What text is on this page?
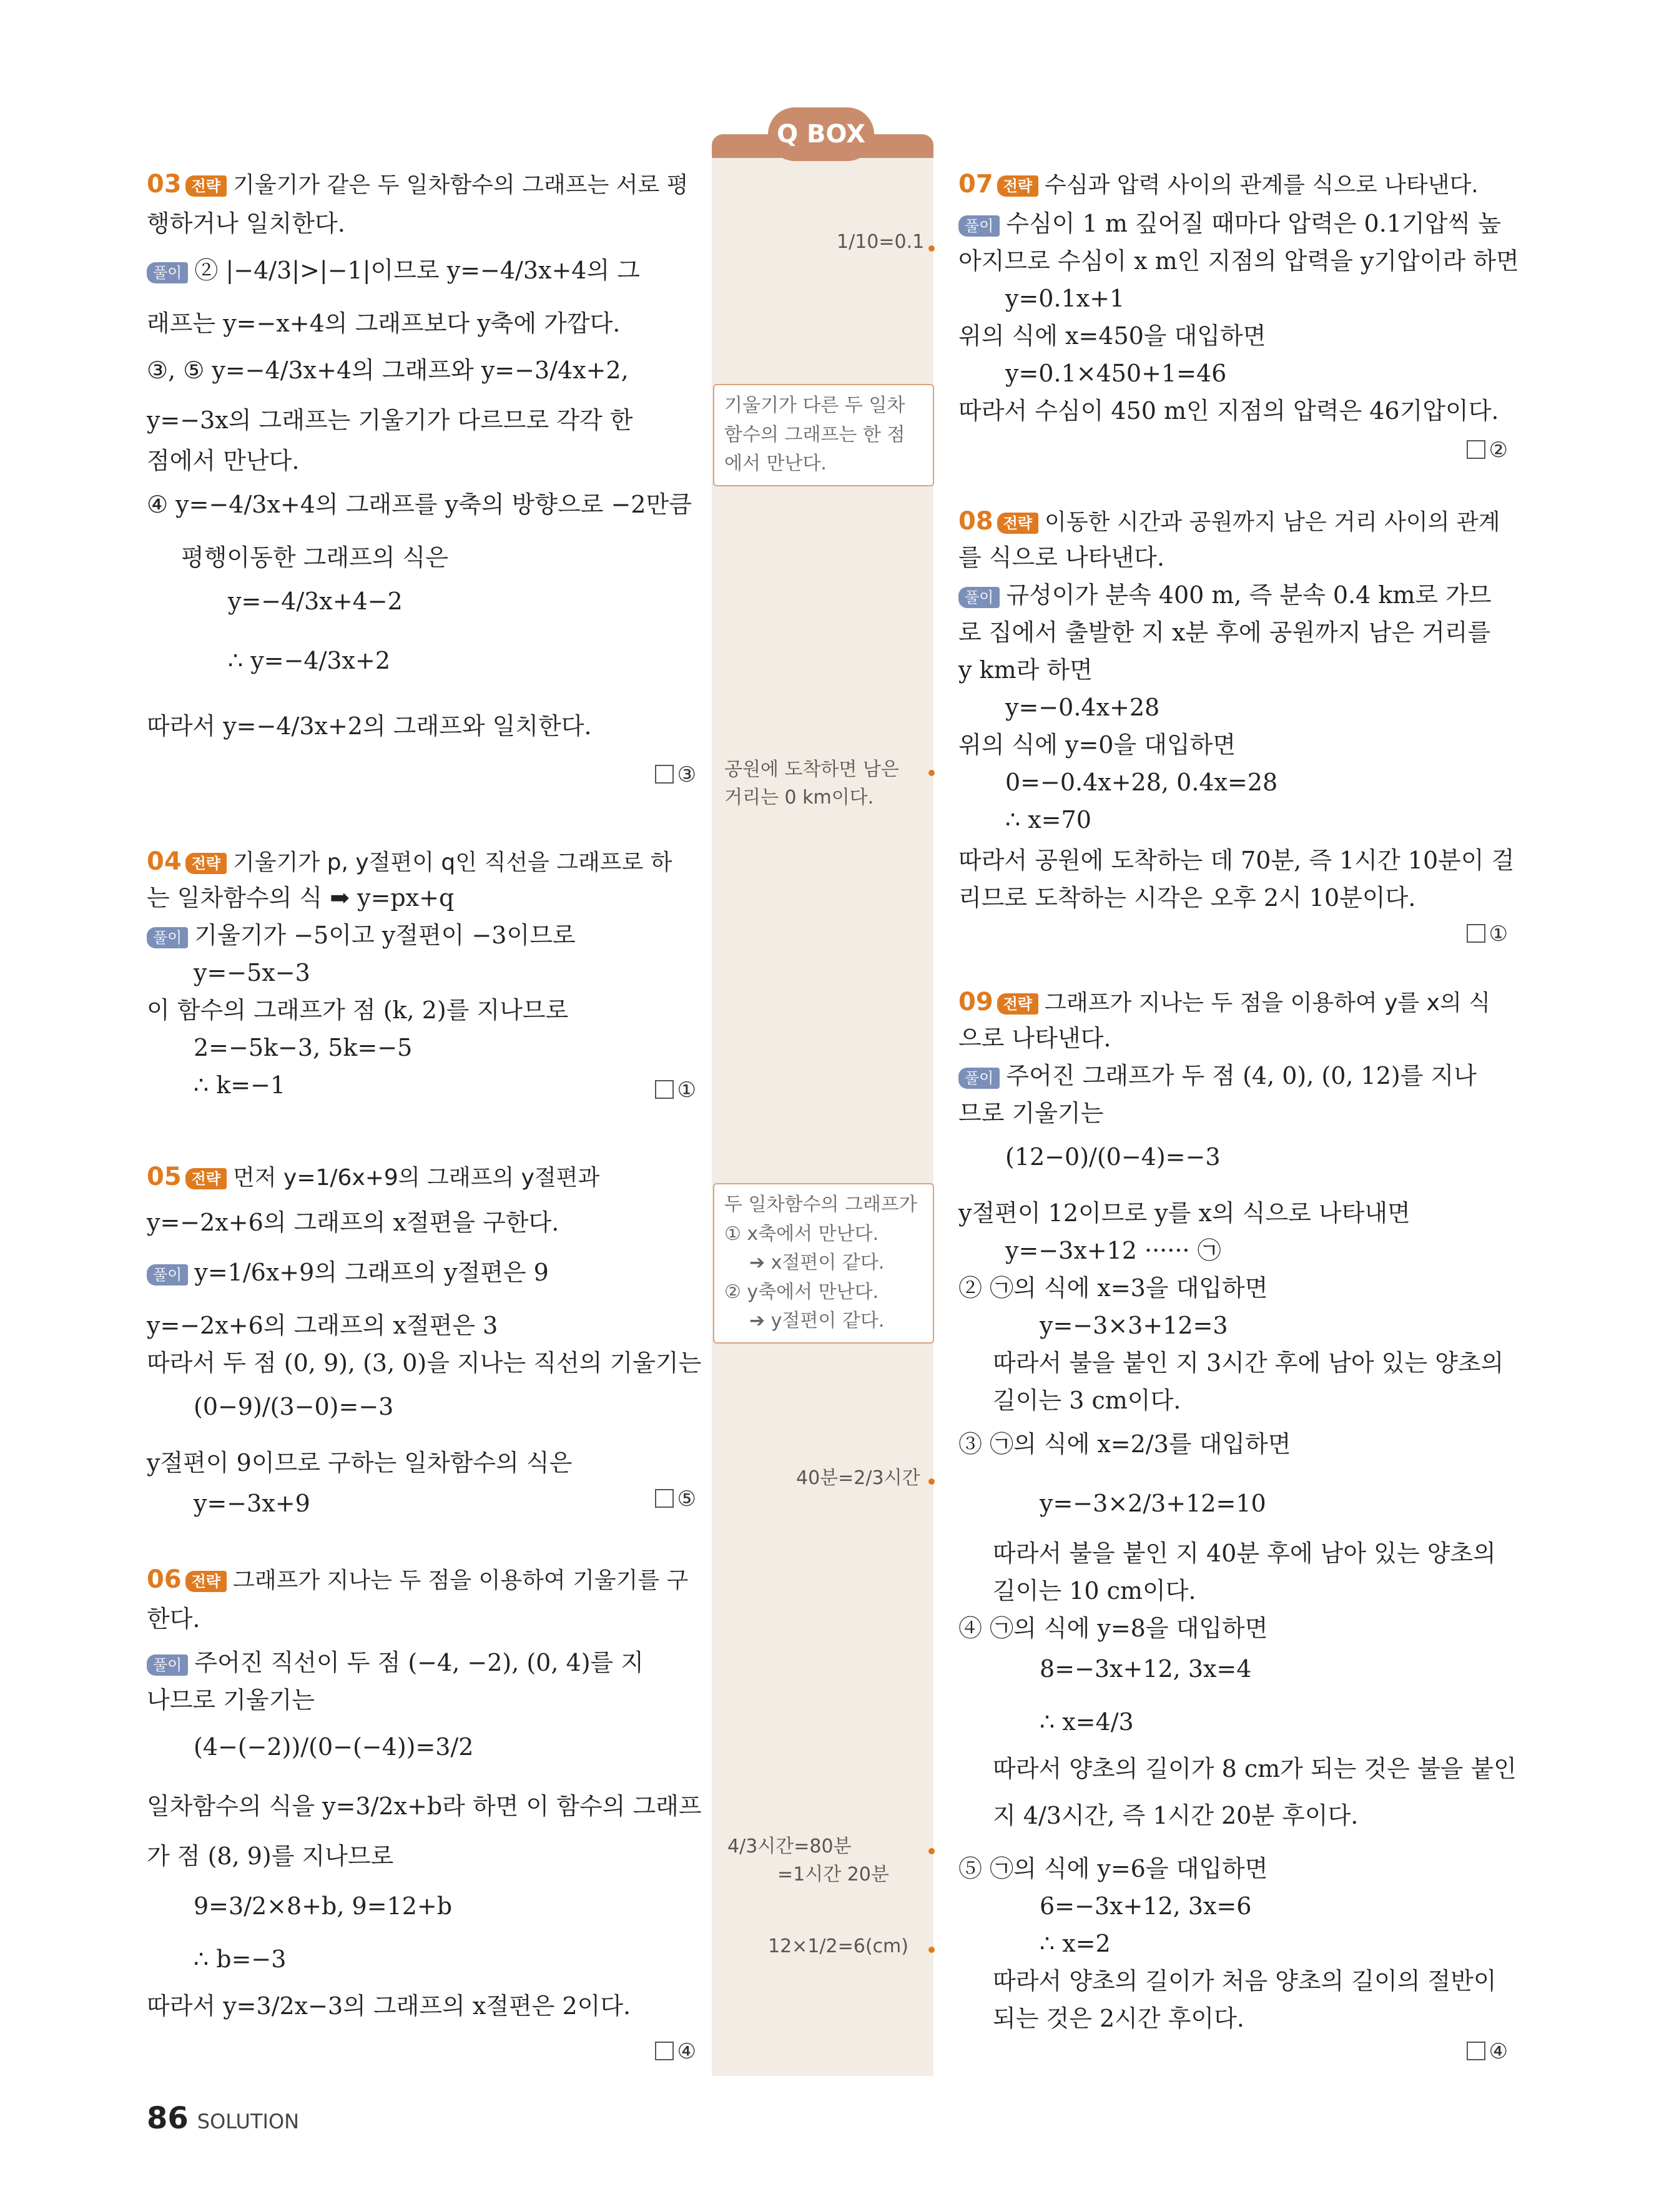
Q BOX
03 전략 기울기가 같은 두 일차함수의 그래프는 서로 평
행하거나 일치한다.
풀이 ② |−4/3|>|−1|이므로 y=−4/3x+4의 그
래프는 y=−x+4의 그래프보다 y축에 가깝다.
③, ⑤ y=−4/3x+4의 그래프와 y=−3/4x+2,
y=−3x의 그래프는 기울기가 다르므로 각각 한
점에서 만난다.
④ y=−4/3x+4의 그래프를 y축의 방향으로 −2만큼
평행이동한 그래프의 식은
y=−4/3x+4−2
∴ y=−4/3x+2
따라서 y=−4/3x+2의 그래프와 일치한다.
③
04 전략 기울기가 p, y절편이 q인 직선을 그래프로 하
는 일차함수의 식 ➡ y=px+q
풀이 기울기가 −5이고 y절편이 −3이므로
y=−5x−3
이 함수의 그래프가 점 (k, 2)를 지나므로
2=−5k−3, 5k=−5
∴ k=−1	①
05 전략 먼저 y=1/6x+9의 그래프의 y절편과
y=−2x+6의 그래프의 x절편을 구한다.
풀이 y=1/6x+9의 그래프의 y절편은 9
y=−2x+6의 그래프의 x절편은 3
따라서 두 점 (0, 9), (3, 0)을 지나는 직선의 기울기는
(0−9)/(3−0)=−3
y절편이 9이므로 구하는 일차함수의 식은
y=−3x+9	⑤
06 전략 그래프가 지나는 두 점을 이용하여 기울기를 구
한다.
풀이 주어진 직선이 두 점 (−4, −2), (0, 4)를 지
나므로 기울기는
(4−(−2))/(0−(−4))=3/2
일차함수의 식을 y=3/2x+b라 하면 이 함수의 그래프
가 점 (8, 9)를 지나므로
9=3/2×8+b, 9=12+b
∴ b=−3
따라서 y=3/2x−3의 그래프의 x절편은 2이다.
④
07 전략 수심과 압력 사이의 관계를 식으로 나타낸다.
풀이 수심이 1 m 깊어질 때마다 압력은 0.1기압씩 높
아지므로 수심이 x m인 지점의 압력을 y기압이라 하면
y=0.1x+1
위의 식에 x=450을 대입하면
y=0.1×450+1=46
따라서 수심이 450 m인 지점의 압력은 46기압이다.
②
08 전략 이동한 시간과 공원까지 남은 거리 사이의 관계
를 식으로 나타낸다.
풀이 규성이가 분속 400 m, 즉 분속 0.4 km로 가므
로 집에서 출발한 지 x분 후에 공원까지 남은 거리를
y km라 하면
y=−0.4x+28
위의 식에 y=0을 대입하면
0=−0.4x+28, 0.4x=28
∴ x=70
따라서 공원에 도착하는 데 70분, 즉 1시간 10분이 걸
리므로 도착하는 시각은 오후 2시 10분이다.
①
09 전략 그래프가 지나는 두 점을 이용하여 y를 x의 식
으로 나타낸다.
풀이 주어진 그래프가 두 점 (4, 0), (0, 12)를 지나
므로 기울기는
(12−0)/(0−4)=−3
y절편이 12이므로 y를 x의 식으로 나타내면
y=−3x+12 ······ ㉠
② ㉠의 식에 x=3을 대입하면
y=−3×3+12=3
따라서 불을 붙인 지 3시간 후에 남아 있는 양초의
길이는 3 cm이다.
③ ㉠의 식에 x=2/3를 대입하면
y=−3×2/3+12=10
따라서 불을 붙인 지 40분 후에 남아 있는 양초의
길이는 10 cm이다.
④ ㉠의 식에 y=8을 대입하면
8=−3x+12, 3x=4
∴ x=4/3
따라서 양초의 길이가 8 cm가 되는 것은 불을 붙인
지 4/3시간, 즉 1시간 20분 후이다.
⑤ ㉠의 식에 y=6을 대입하면
6=−3x+12, 3x=6
∴ x=2
따라서 양초의 길이가 처음 양초의 길이의 절반이
되는 것은 2시간 후이다.
④
1/10=0.1
기울기가 다른 두 일차
함수의 그래프는 한 점
에서 만난다.
공원에 도착하면 남은
거리는 0 km이다.
두 일차함수의 그래프가
① x축에서 만난다.
➔ x절편이 같다.
② y축에서 만난다.
➔ y절편이 같다.
40분=2/3시간
4/3시간=80분
=1시간 20분
12×1/2=6(cm)
86 SOLUTION
